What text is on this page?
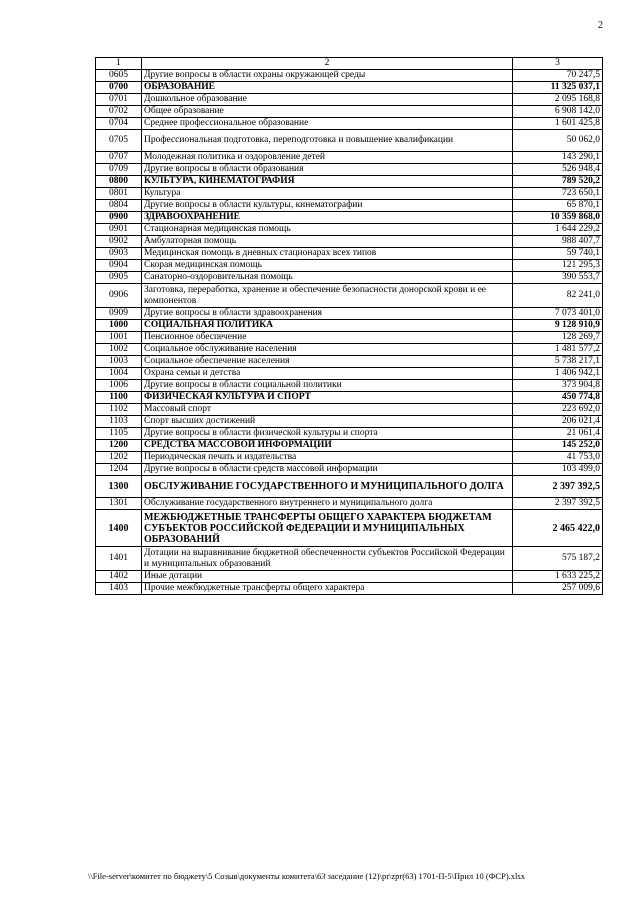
2
1	2	3
0605	Другие вопросы в области охраны окружающей среды	70 247,5
0700	ОБРАЗОВАНИЕ	11 325 037,1
0701	Дошкольное образование	2 095 168,8
0702	Общее образование	6 908 142,0
0704	Среднее профессиональное образование	1 601 425,8
0705	Профессиональная подготовка, переподготовка и повышение квалификации	50 062,0
0707	Молодежная политика и оздоровление детей	143 290,1
0709	Другие вопросы в области образования	526 948,4
0800	КУЛЬТУРА, КИНЕМАТОГРАФИЯ	789 520,2
0801	Культура	723 650,1
0804	Другие вопросы в области культуры, кинематографии	65 870,1
0900	ЗДРАВООХРАНЕНИЕ	10 359 868,0
0901	Стационарная медицинская помощь	1 644 229,2
0902	Амбулаторная помощь	988 407,7
0903	Медицинская помощь в дневных стационарах всех типов	59 740,1
0904	Скорая медицинская помощь	121 295,3
0905	Санаторно-оздоровительная помощь	390 553,7
0906	Заготовка, переработка, хранение и обеспечение безопасности донорской крови и ее компонентов	82 241,0
0909	Другие вопросы в области здравоохранения	7 073 401,0
1000	СОЦИАЛЬНАЯ ПОЛИТИКА	9 128 910,9
1001	Пенсионное обеспечение	128 269,7
1002	Социальное обслуживание населения	1 481 577,2
1003	Социальное обеспечение населения	5 738 217,1
1004	Охрана семьи и детства	1 406 942,1
1006	Другие вопросы в области социальной политики	373 904,8
1100	ФИЗИЧЕСКАЯ КУЛЬТУРА И СПОРТ	450 774,8
1102	Массовый спорт	223 692,0
1103	Спорт высших достижений	206 021,4
1105	Другие вопросы в области физической культуры и спорта	21 061,4
1200	СРЕДСТВА МАССОВОЙ ИНФОРМАЦИИ	145 252,0
1202	Периодическая печать и издательства	41 753,0
1204	Другие вопросы в области средств массовой информации	103 499,0
1300	ОБСЛУЖИВАНИЕ ГОСУДАРСТВЕННОГО И МУНИЦИПАЛЬНОГО ДОЛГА	2 397 392,5
1301	Обслуживание государственного внутреннего и муниципального долга	2 397 392,5
1400	МЕЖБЮДЖЕТНЫЕ ТРАНСФЕРТЫ ОБЩЕГО ХАРАКТЕРА БЮДЖЕТАМ СУБЪЕКТОВ РОССИЙСКОЙ ФЕДЕРАЦИИ И МУНИЦИПАЛЬНЫХ ОБРАЗОВАНИЙ	2 465 422,0
1401	Дотации на выравнивание бюджетной обеспеченности субъектов Российской Федерации и муниципальных образований	575 187,2
1402	Иные дотации	1 633 225,2
1403	Прочие межбюджетные трансферты общего характера	257 009,6
\\File-server\комитет по бюджету\5 Созыв\документы комитета\63 заседание (12)\pr\zpr(63) 1701-П-5\Прил 10 (ФСР).xlsx
